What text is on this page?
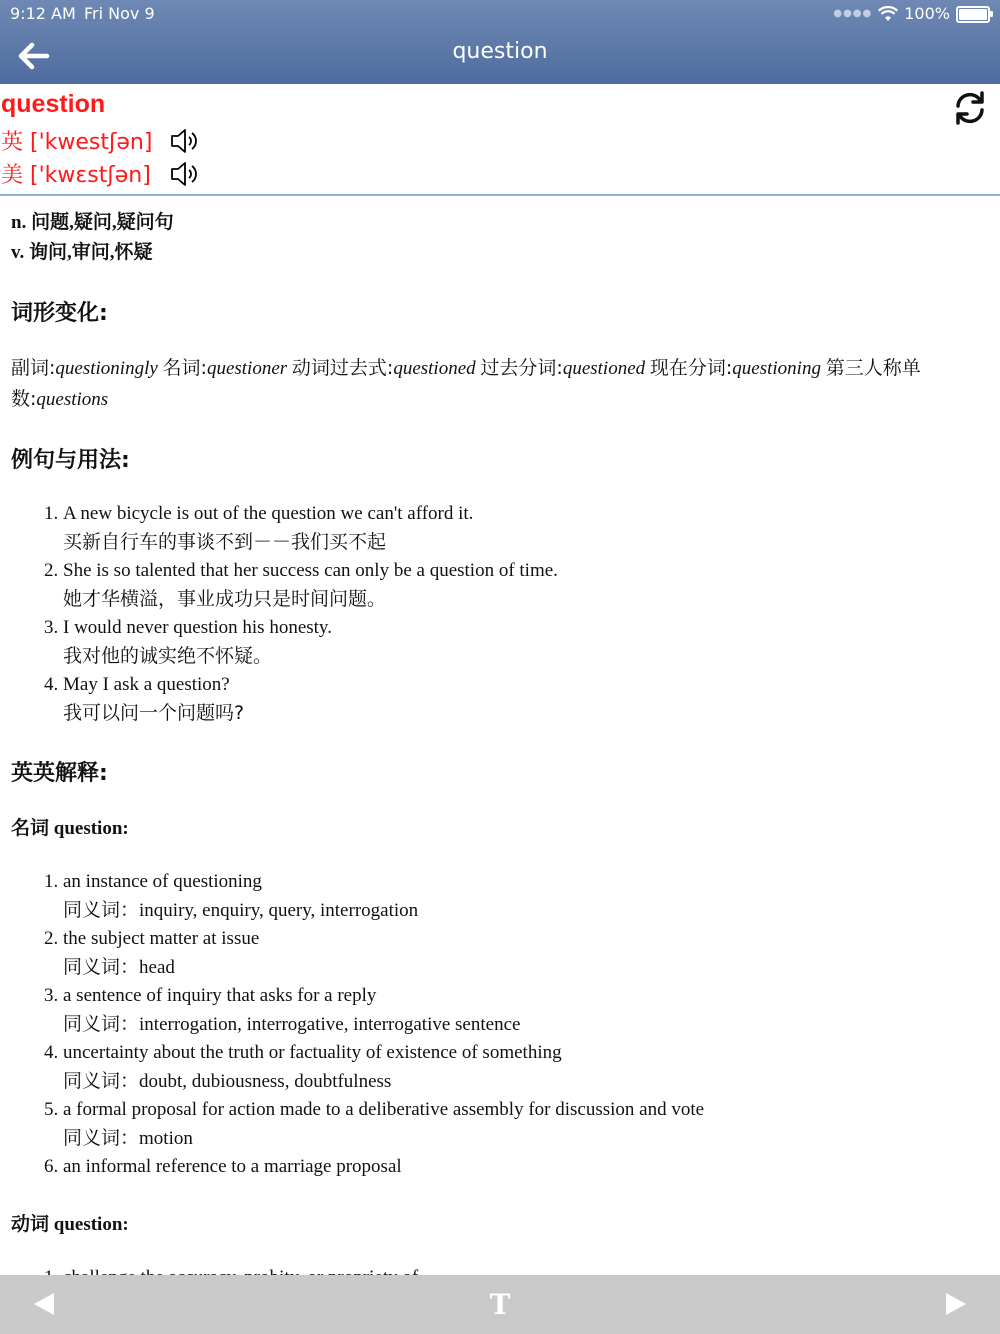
9:12 AM Fri Nov 9	●●●● 100%
question
question
英 ['kwestʃən]
美 ['kwɛstʃən]
n. 问题,疑问,疑问句
v. 询问,审问,怀疑
词形变化:
副词:questioningly 名词:questioner 动词过去式:questioned 过去分词:questioned 现在分词:questioning 第三人称单数:questions
例句与用法:
1. A new bicycle is out of the question we can't afford it.
买新自行车的事谈不到－－我们买不起
2. She is so talented that her success can only be a question of time.
她才华横溢，事业成功只是时间问题。
3. I would never question his honesty.
我对他的诚实绝不怀疑。
4. May I ask a question?
我可以问一个问题吗?
英英解释:
名词 question:
1. an instance of questioning
同义词：inquiry, enquiry, query, interrogation
2. the subject matter at issue
同义词：head
3. a sentence of inquiry that asks for a reply
同义词：interrogation, interrogative, interrogative sentence
4. uncertainty about the truth or factuality of existence of something
同义词：doubt, dubiousness, doubtfulness
5. a formal proposal for action made to a deliberative assembly for discussion and vote
同义词：motion
6. an informal reference to a marriage proposal
动词 question:
1.
T
